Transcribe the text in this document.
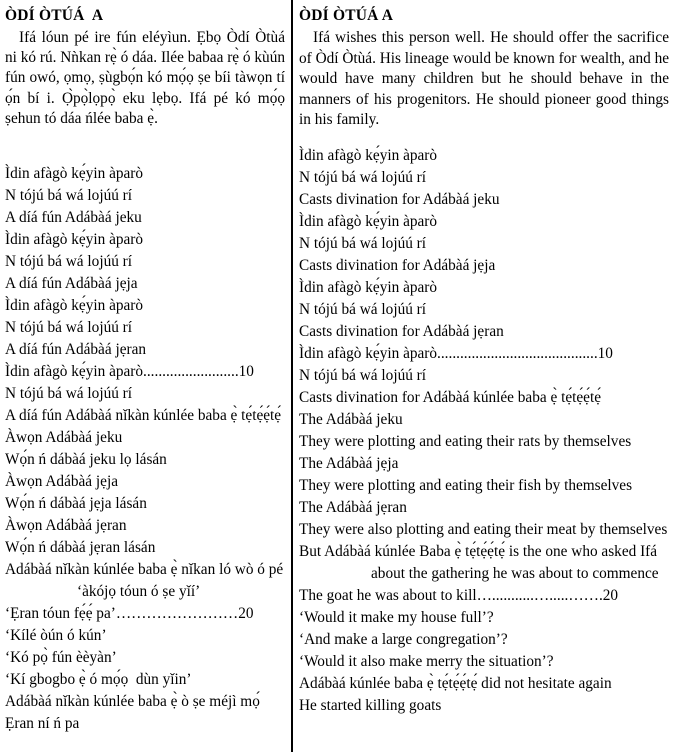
ÒDÍ ÒTÚÁ  A

Ifá lóun pé ire fún eléyìun. Ẹbọ Òdí Òtùá ni kó rú. Nǹkan rẹ̀ ó dáa. Ilée babaa rẹ̀ ó kùún fún owó, ọmọ, ṣùgbọ́n kó mọ́ọ ṣe bíi tàwọn tí ọ́n bí i. Ọ̀pọ̀lọpọ̀ eku lẹbọ. Ifá pé kó mọ́ọ ṣehun tó dáa ńlée baba ẹ̀.

Ìdin afàgò kẹ́yin àparò
N tójú bá wá lojúú rí
A díá fún Adábàá jeku
Ìdin afàgò kẹ́yin àparò
N tójú bá wá lojúú rí
A díá fún Adábàá jẹja
Ìdin afàgò kẹ́yin àparò
N tójú bá wá lojúú rí
A díá fún Adábàá jẹran
Ìdin afàgò kẹ́yin àparò.........................10
N tójú bá wá lojúú rí
A díá fún Adábàá nǐkàn kúnlée baba ẹ̀ tẹ́tẹ́ẹ́tẹ́
Àwọn Adábàá jeku
Wọ́n ń dábàá jeku lọ lásán
Àwọn Adábàá jẹja
Wọ́n ń dábàá jẹja lásán
Àwọn Adábàá jẹran
Wọ́n ń dábàá jẹran lásán
Adábàá nǐkàn kúnlée baba ẹ̀ nǐkan ló wò ó pé ‘àkójọ tóun ó ṣe yǐí’
‘Ẹran tóun fẹ́ẹ́ pa’……………………20
‘Kílé òún ó kún’
‘Kó pọ̀ fún èèyàn’
‘Kí gbogbo ẹ̀ ó mọ́ọ  dùn yǐin’
Adábàá nǐkàn kúnlée baba ẹ̀ ò ṣe méjì mọ́
Ẹran ní ń pa
ÒDÍ ÒTÚÁ A

Ifá wishes this person well. He should offer the sacrifice of Òdí Òtùá. His lineage would be known for wealth, and he would have many children but he should behave in the manners of his progenitors. He should pioneer good things in his family.

Ìdin afàgò kẹ́yin àparò
N tójú bá wá lojúú rí
Casts divination for Adábàá jeku
Ìdin afàgò kẹ́yin àparò
N tójú bá wá lojúú rí
Casts divination for Adábàá jẹja
Ìdin afàgò kẹ́yin àparò
N tójú bá wá lojúú rí
Casts divination for Adábàá jẹran
Ìdin afàgò kẹ́yin àparò..........................................10
N tójú bá wá lojúú rí
Casts divination for Adábàá kúnlée baba ẹ̀ tẹ́tẹ́ẹ́tẹ́
The Adábàá jeku
They were plotting and eating their rats by themselves
The Adábàá jẹja
They were plotting and eating their fish by themselves
The Adábàá jẹran
They were also plotting and eating their meat by themselves
But Adábàá kúnlée Baba ẹ̀ tẹ́tẹ́ẹ́tẹ́ is the one who asked Ifá about the gathering he was about to commence
The goat he was about to kill…...........….....…….20
‘Would it make my house full’?
‘And make a large congregation’?
‘Would it also make merry the situation’?
Adábàá kúnlée baba ẹ̀ tẹ́tẹ́ẹ́tẹ́ did not hesitate again
He started killing goats
